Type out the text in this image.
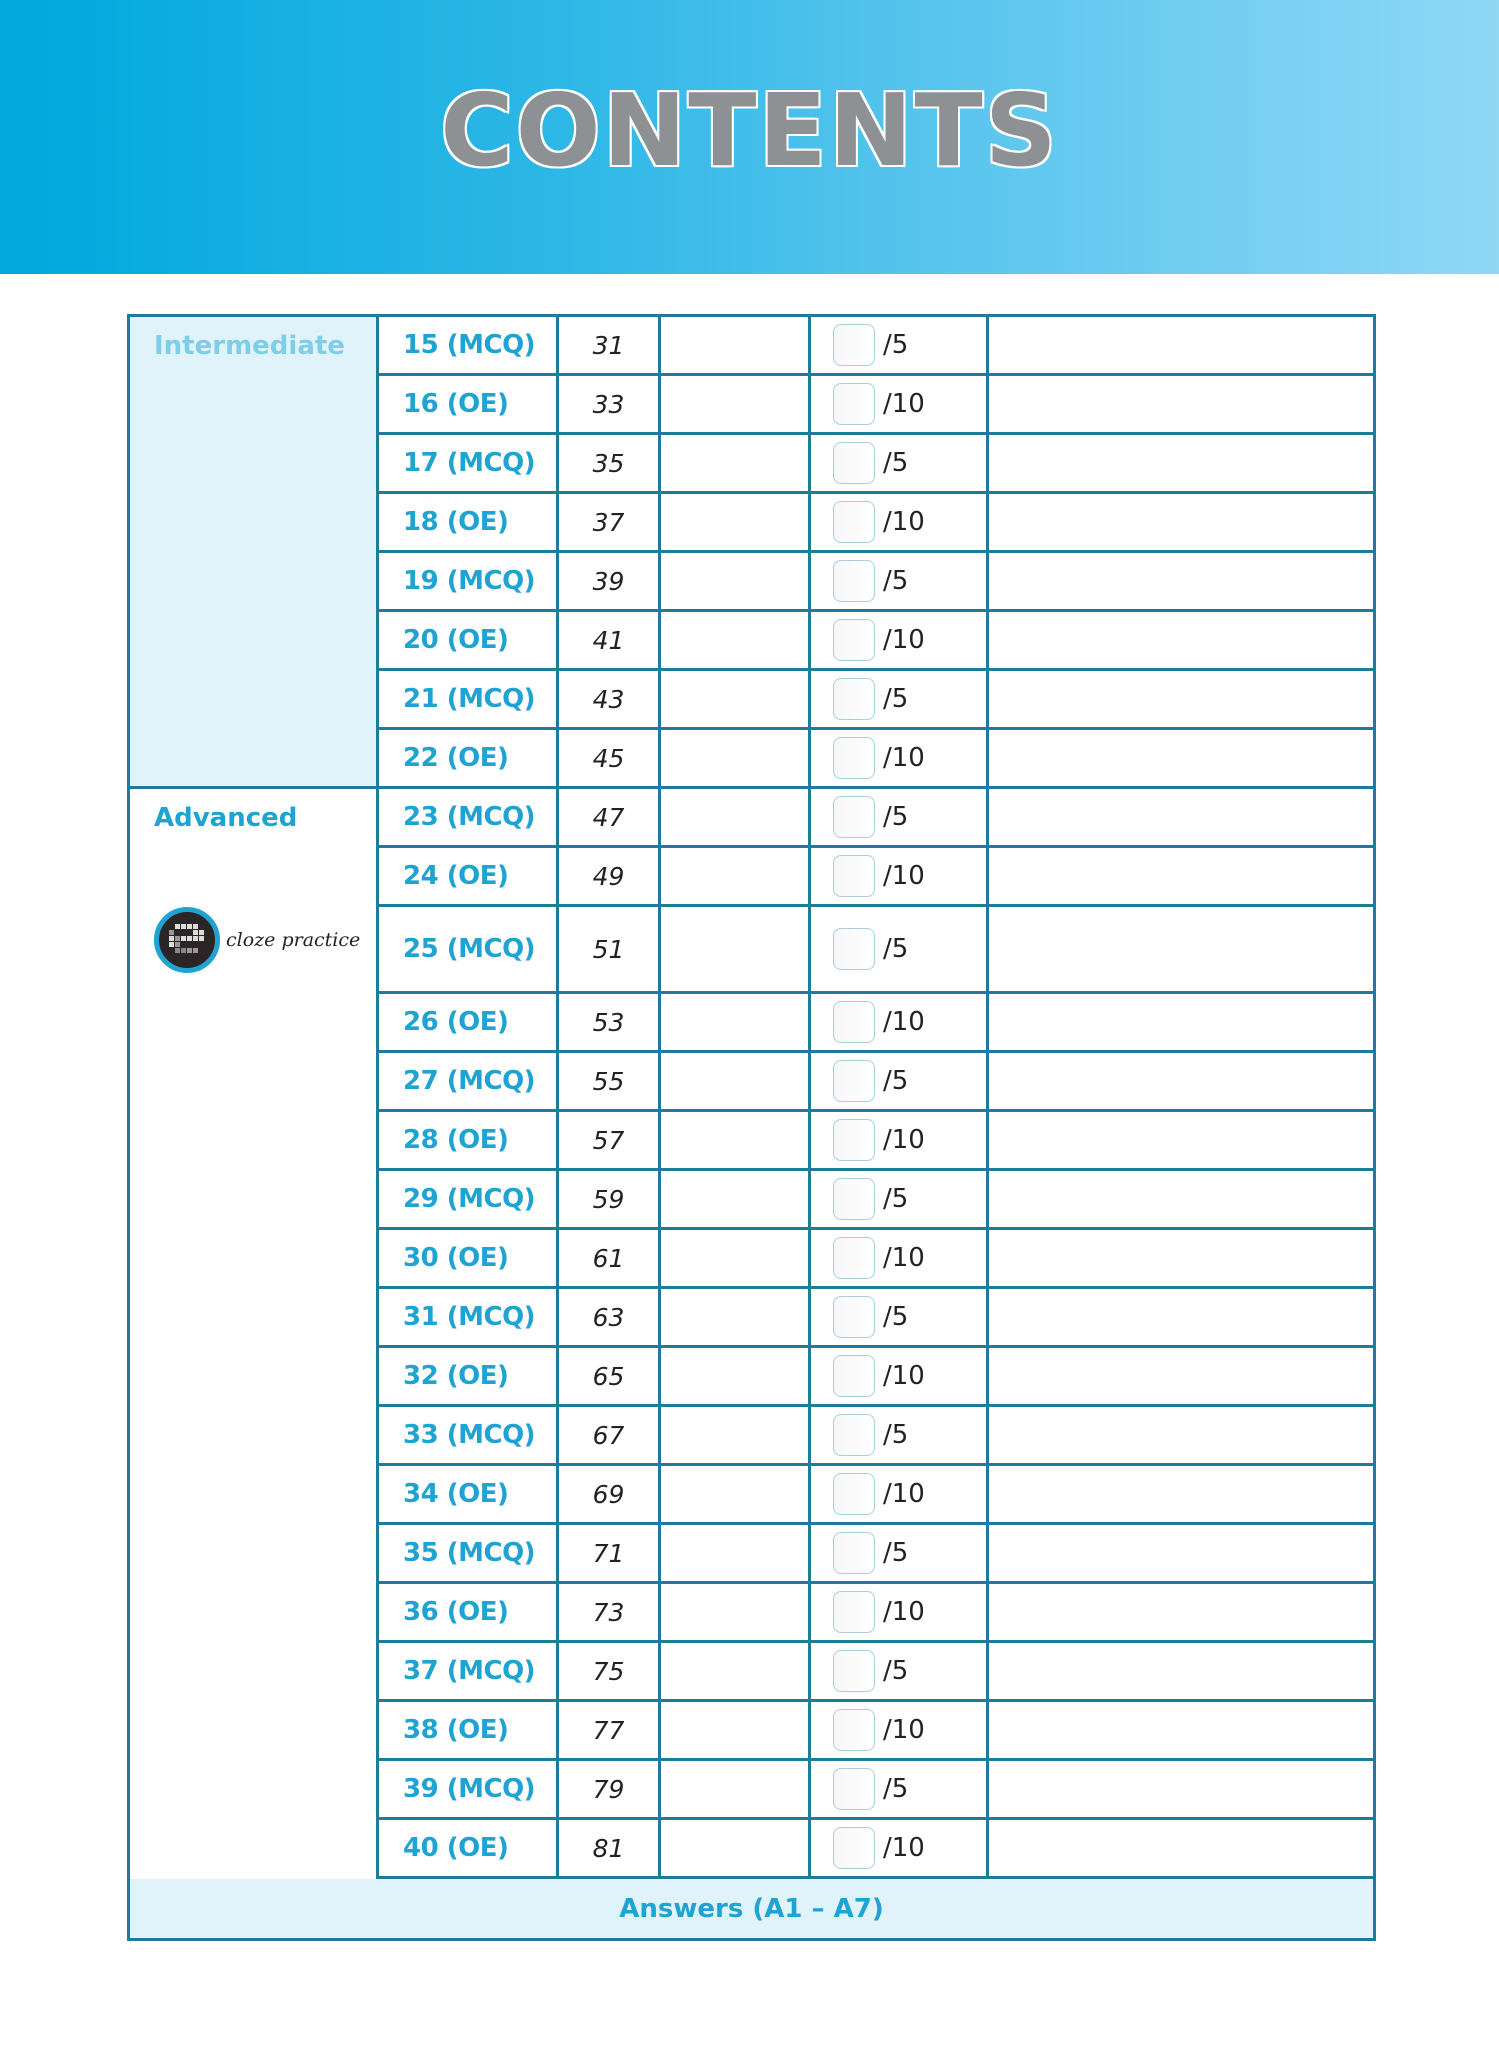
CONTENTS
Intermediate	15 (MCQ) 31	/5
16 (OE)	33	/10
17 (MCQ) 35	/5
18 (OE)	37	/10
19 (MCQ) 39	/5
20 (OE)	41	/10
21 (MCQ) 43	/5
22 (OE)	45	/10
Advanced
cloze practice
23 (MCQ) 47	/5
24 (OE)	49	/10
25 (MCQ) 51	/5
26 (OE)	53	/10
27 (MCQ) 55	/5
28 (OE)	57	/10
29 (MCQ) 59	/5
30 (OE)	61	/10
31 (MCQ) 63	/5
32 (OE)	65	/10
33 (MCQ) 67	/5
34 (OE)	69	/10
35 (MCQ) 71	/5
36 (OE)	73	/10
37 (MCQ) 75	/5
38 (OE)	77	/10
39 (MCQ) 79	/5
40 (OE)	81	/10
Answers (A1 – A7)
